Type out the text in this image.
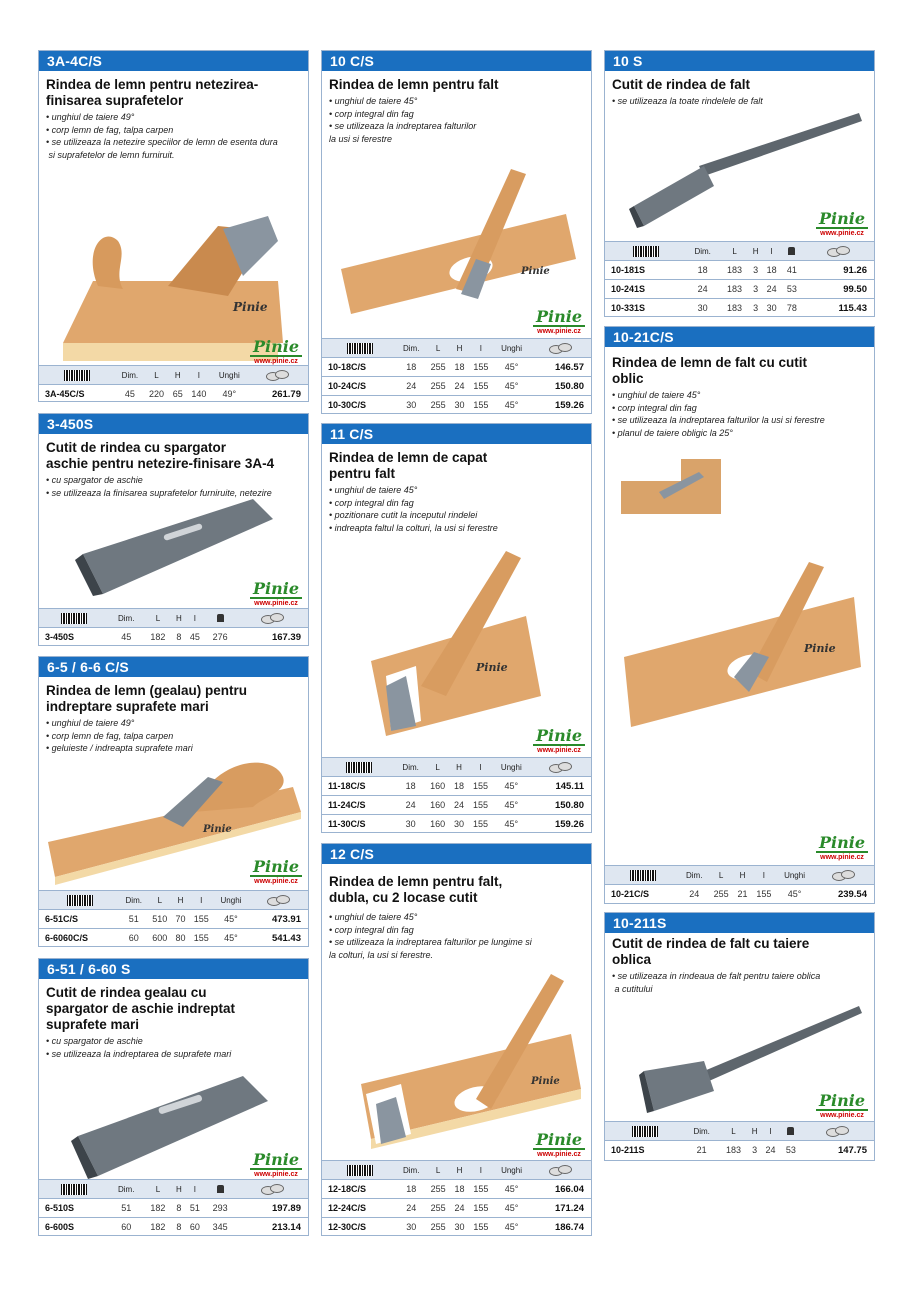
3A-4C/S
Rindea de lemn pentru netezirea-
finisarea suprafetelor
• unghiul de taiere 49°
• corp lemn de fag, talpa carpen
• se utilizeaza la netezire speciilor de lemn de esenta dura
si suprafetelor de lemn furniruit.
Pinie
Pinie
www.pinie.cz
	Dim.	L	H	I	Unghi	
3A-45C/S	45	220	65	140	49°	261.79
3-450S
Cutit de rindea cu spargator
aschie pentru netezire-finisare 3A-4
• cu spargator de aschie
• se utilizeaza la finisarea suprafetelor furniruite, netezire
Pinie
www.pinie.cz
	Dim.	L	H	I		
3-450S	45	182	8	45	276	167.39
6-5 / 6-6 C/S
Rindea de lemn (gealau) pentru
indreptare suprafete mari
• unghiul de taiere 49°
• corp lemn de fag, talpa carpen
• geluieste / indreapta suprafete mari
Pinie
Pinie
www.pinie.cz
	Dim.	L	H	I	Unghi	
6-51C/S	51	510	70	155	45°	473.91
6-6060C/S	60	600	80	155	45°	541.43
6-51 / 6-60 S
Cutit de rindea gealau cu
spargator de aschie indreptat
suprafete mari
• cu spargator de aschie
• se utilizeaza la indreptarea de suprafete mari
Pinie
www.pinie.cz
	Dim.	L	H	I		
6-510S	51	182	8	51	293	197.89
6-600S	60	182	8	60	345	213.14
10 C/S
Rindea de lemn pentru falt
• unghiul de taiere 45°
• corp integral din fag
• se utilizeaza la indreptarea falturilor
la usi si ferestre
Pinie
Pinie
www.pinie.cz
	Dim.	L	H	I	Unghi	
10-18C/S	18	255	18	155	45°	146.57
10-24C/S	24	255	24	155	45°	150.80
10-30C/S	30	255	30	155	45°	159.26
11 C/S
Rindea de lemn de capat
pentru falt
• unghiul de taiere 45°
• corp integral din fag
• pozitionare cutit la inceputul rindelei
• indreapta faltul la colturi, la usi si ferestre
Pinie
Pinie
www.pinie.cz
	Dim.	L	H	I	Unghi	
11-18C/S	18	160	18	155	45°	145.11
11-24C/S	24	160	24	155	45°	150.80
11-30C/S	30	160	30	155	45°	159.26
12 C/S
Rindea de lemn pentru falt,
dubla, cu 2 locase cutit
• unghiul de taiere 45°
• corp integral din fag
• se utilizeaza la indreptarea falturilor pe lungime si
la colturi, la usi si ferestre.
Pinie
Pinie
www.pinie.cz
	Dim.	L	H	I	Unghi	
12-18C/S	18	255	18	155	45°	166.04
12-24C/S	24	255	24	155	45°	171.24
12-30C/S	30	255	30	155	45°	186.74
10 S
Cutit de rindea de falt
• se utilizeaza la toate rindelele de falt
Pinie
www.pinie.cz
	Dim.	L	H	I		
10-181S	18	183	3	18	41	91.26
10-241S	24	183	3	24	53	99.50
10-331S	30	183	3	30	78	115.43
10-21C/S
Rindea de lemn de falt cu cutit
oblic
• unghiul de taiere 45°
• corp integral din fag
• se utilizeaza la indreptarea falturilor la usi si ferestre
• planul de taiere obligic la 25°
Pinie
Pinie
www.pinie.cz
	Dim.	L	H	I	Unghi	
10-21C/S	24	255	21	155	45°	239.54
10-211S
Cutit de rindea de falt cu taiere
oblica
• se utilizeaza in rindeaua de falt pentru taiere oblica
a cutitului
Pinie
www.pinie.cz
	Dim.	L	H	I		
10-211S	21	183	3	24	53	147.75
